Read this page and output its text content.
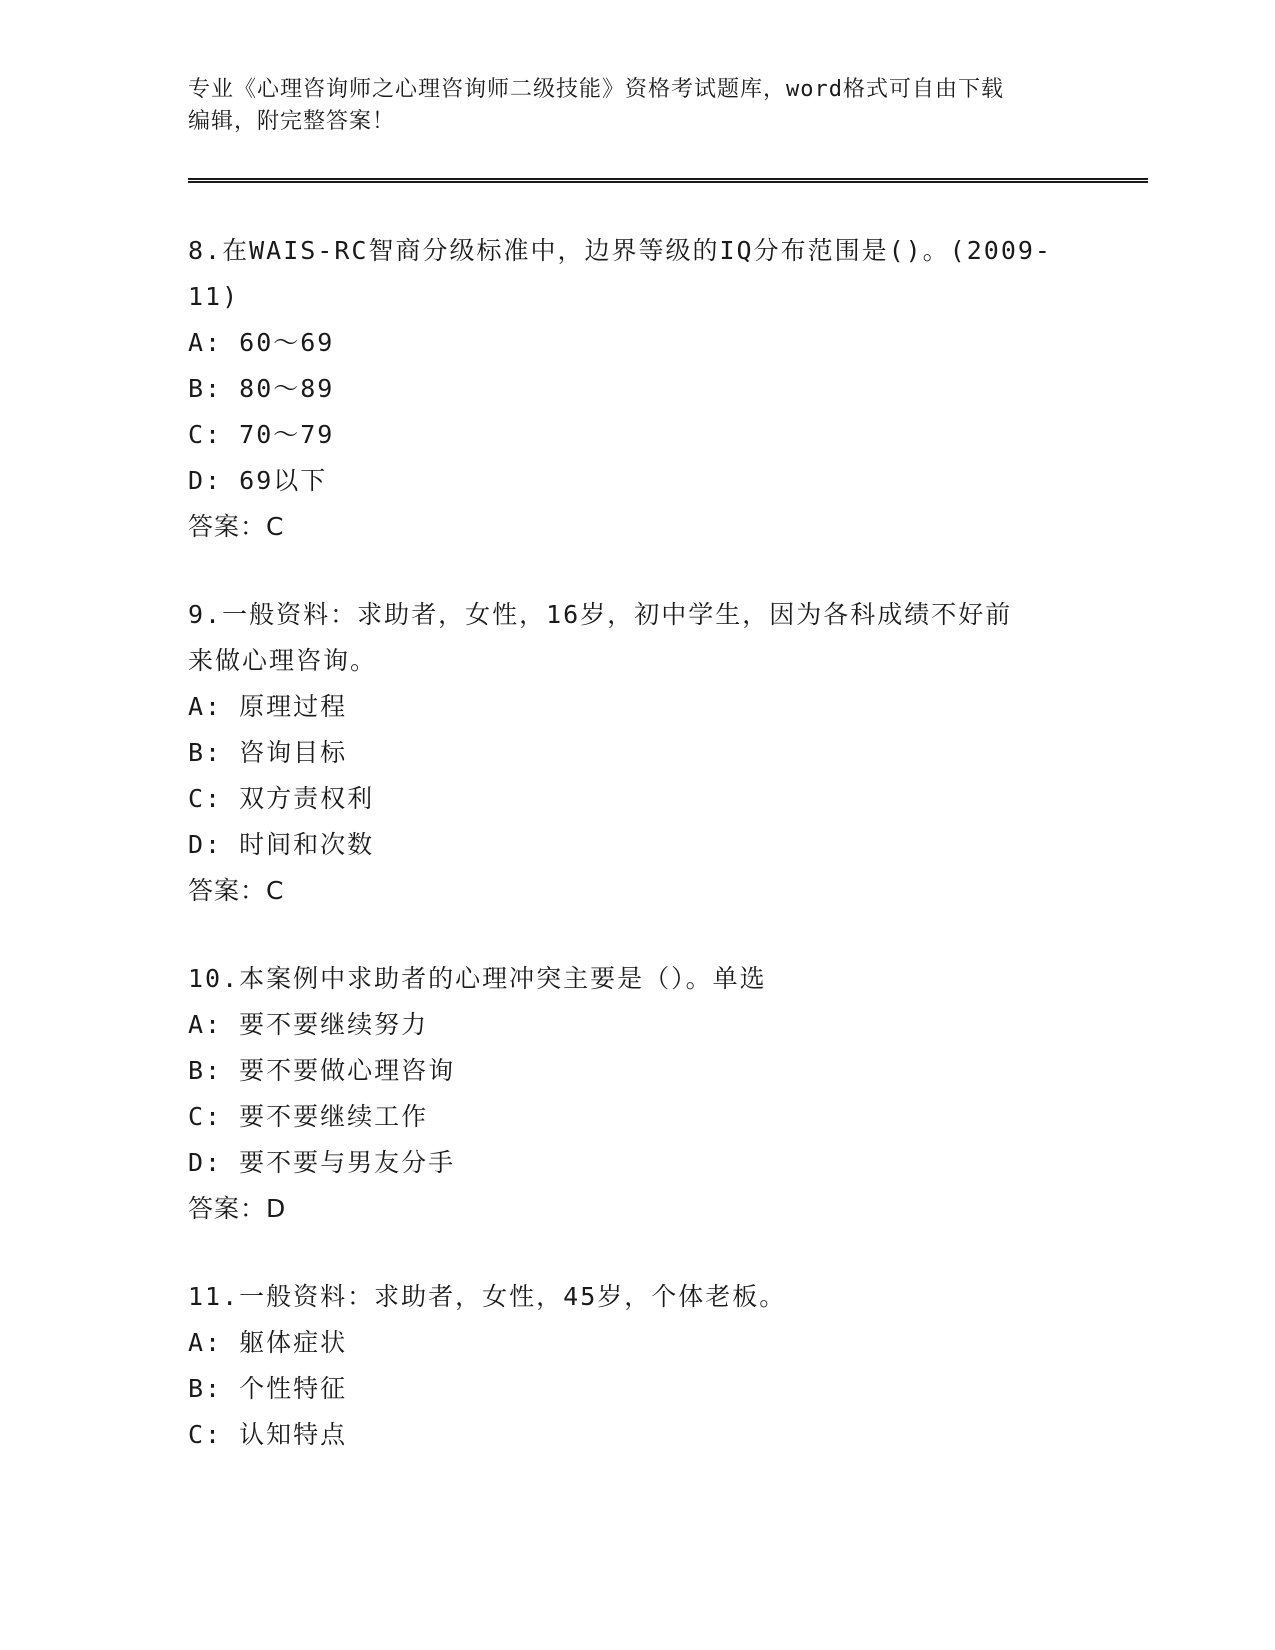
专业《心理咨询师之心理咨询师二级技能》资格考试题库，word格式可自由下载
编辑，附完整答案！
8.在WAIS-RC智商分级标准中，边界等级的IQ分布范围是()。(2009-
11)
A: 60～69
B: 80～89
C: 70～79
D: 69以下
答案：C
9.一般资料：求助者，女性，16岁，初中学生，因为各科成绩不好前
来做心理咨询。
A: 原理过程
B: 咨询目标
C: 双方责权利
D: 时间和次数
答案：C
10.本案例中求助者的心理冲突主要是（）。单选
A: 要不要继续努力
B: 要不要做心理咨询
C: 要不要继续工作
D: 要不要与男友分手
答案：D
11.一般资料：求助者，女性，45岁，个体老板。
A: 躯体症状
B: 个性特征
C: 认知特点
